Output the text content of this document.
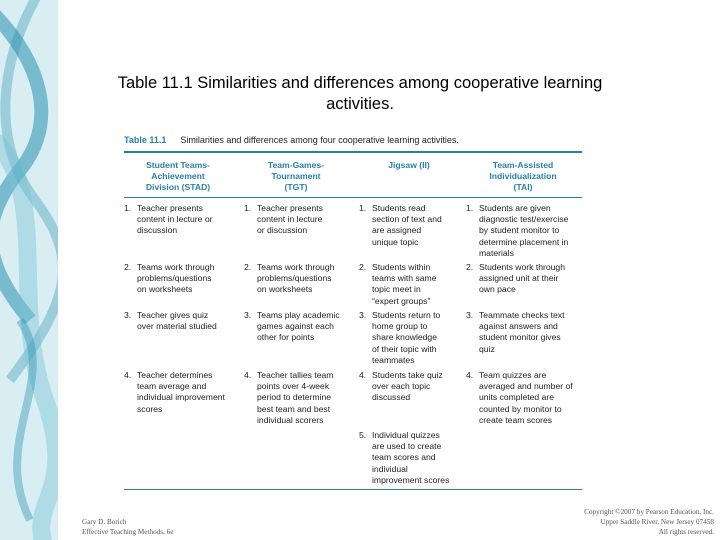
Table 11.1 Similarities and differences among cooperative learning
activities.
Table 11.1 Similarities and differences among four cooperative learning activities.
Student Teams-
Achievement
Division (STAD)
Team-Games-
Tournament
(TGT)
Jigsaw (II)	Team-Assisted
Individualization
(TAI)
1. Teacher presents
content in lecture or
discussion
1. Teacher presents
content in lecture
or discussion
1. Students read
section of text and
are assigned
unique topic
1. Students are given
diagnostic test/exercise
by student monitor to
determine placement in
materials
2. Teams work through
problems/questions
on worksheets
2. Teams work through
problems/questions
on worksheets
2. Students within
teams with same
topic meet in
“expert groups”
2. Students work through
assigned unit at their
own pace
3. Teacher gives quiz
over material studied
3. Teams play academic
games against each
other for points
3. Students return to
home group to
share knowledge
of their topic with
teammates
3. Teammate checks text
against answers and
student monitor gives
quiz
4. Teacher determines
team average and
individual improvement
scores
4. Teacher tallies team
points over 4-week
period to determine
best team and best
individual scorers
4. Students take quiz
over each topic
discussed
4. Team quizzes are
averaged and number of
units completed are
counted by monitor to
create team scores
5. Individual quizzes
are used to create
team scores and
individual
improvement scores
Gary D. Borich
Effective Teaching Methods, 6e
Copyright ©2007 by Pearson Education, Inc.
Upper Saddle River, New Jersey 07458
All rights reserved.
